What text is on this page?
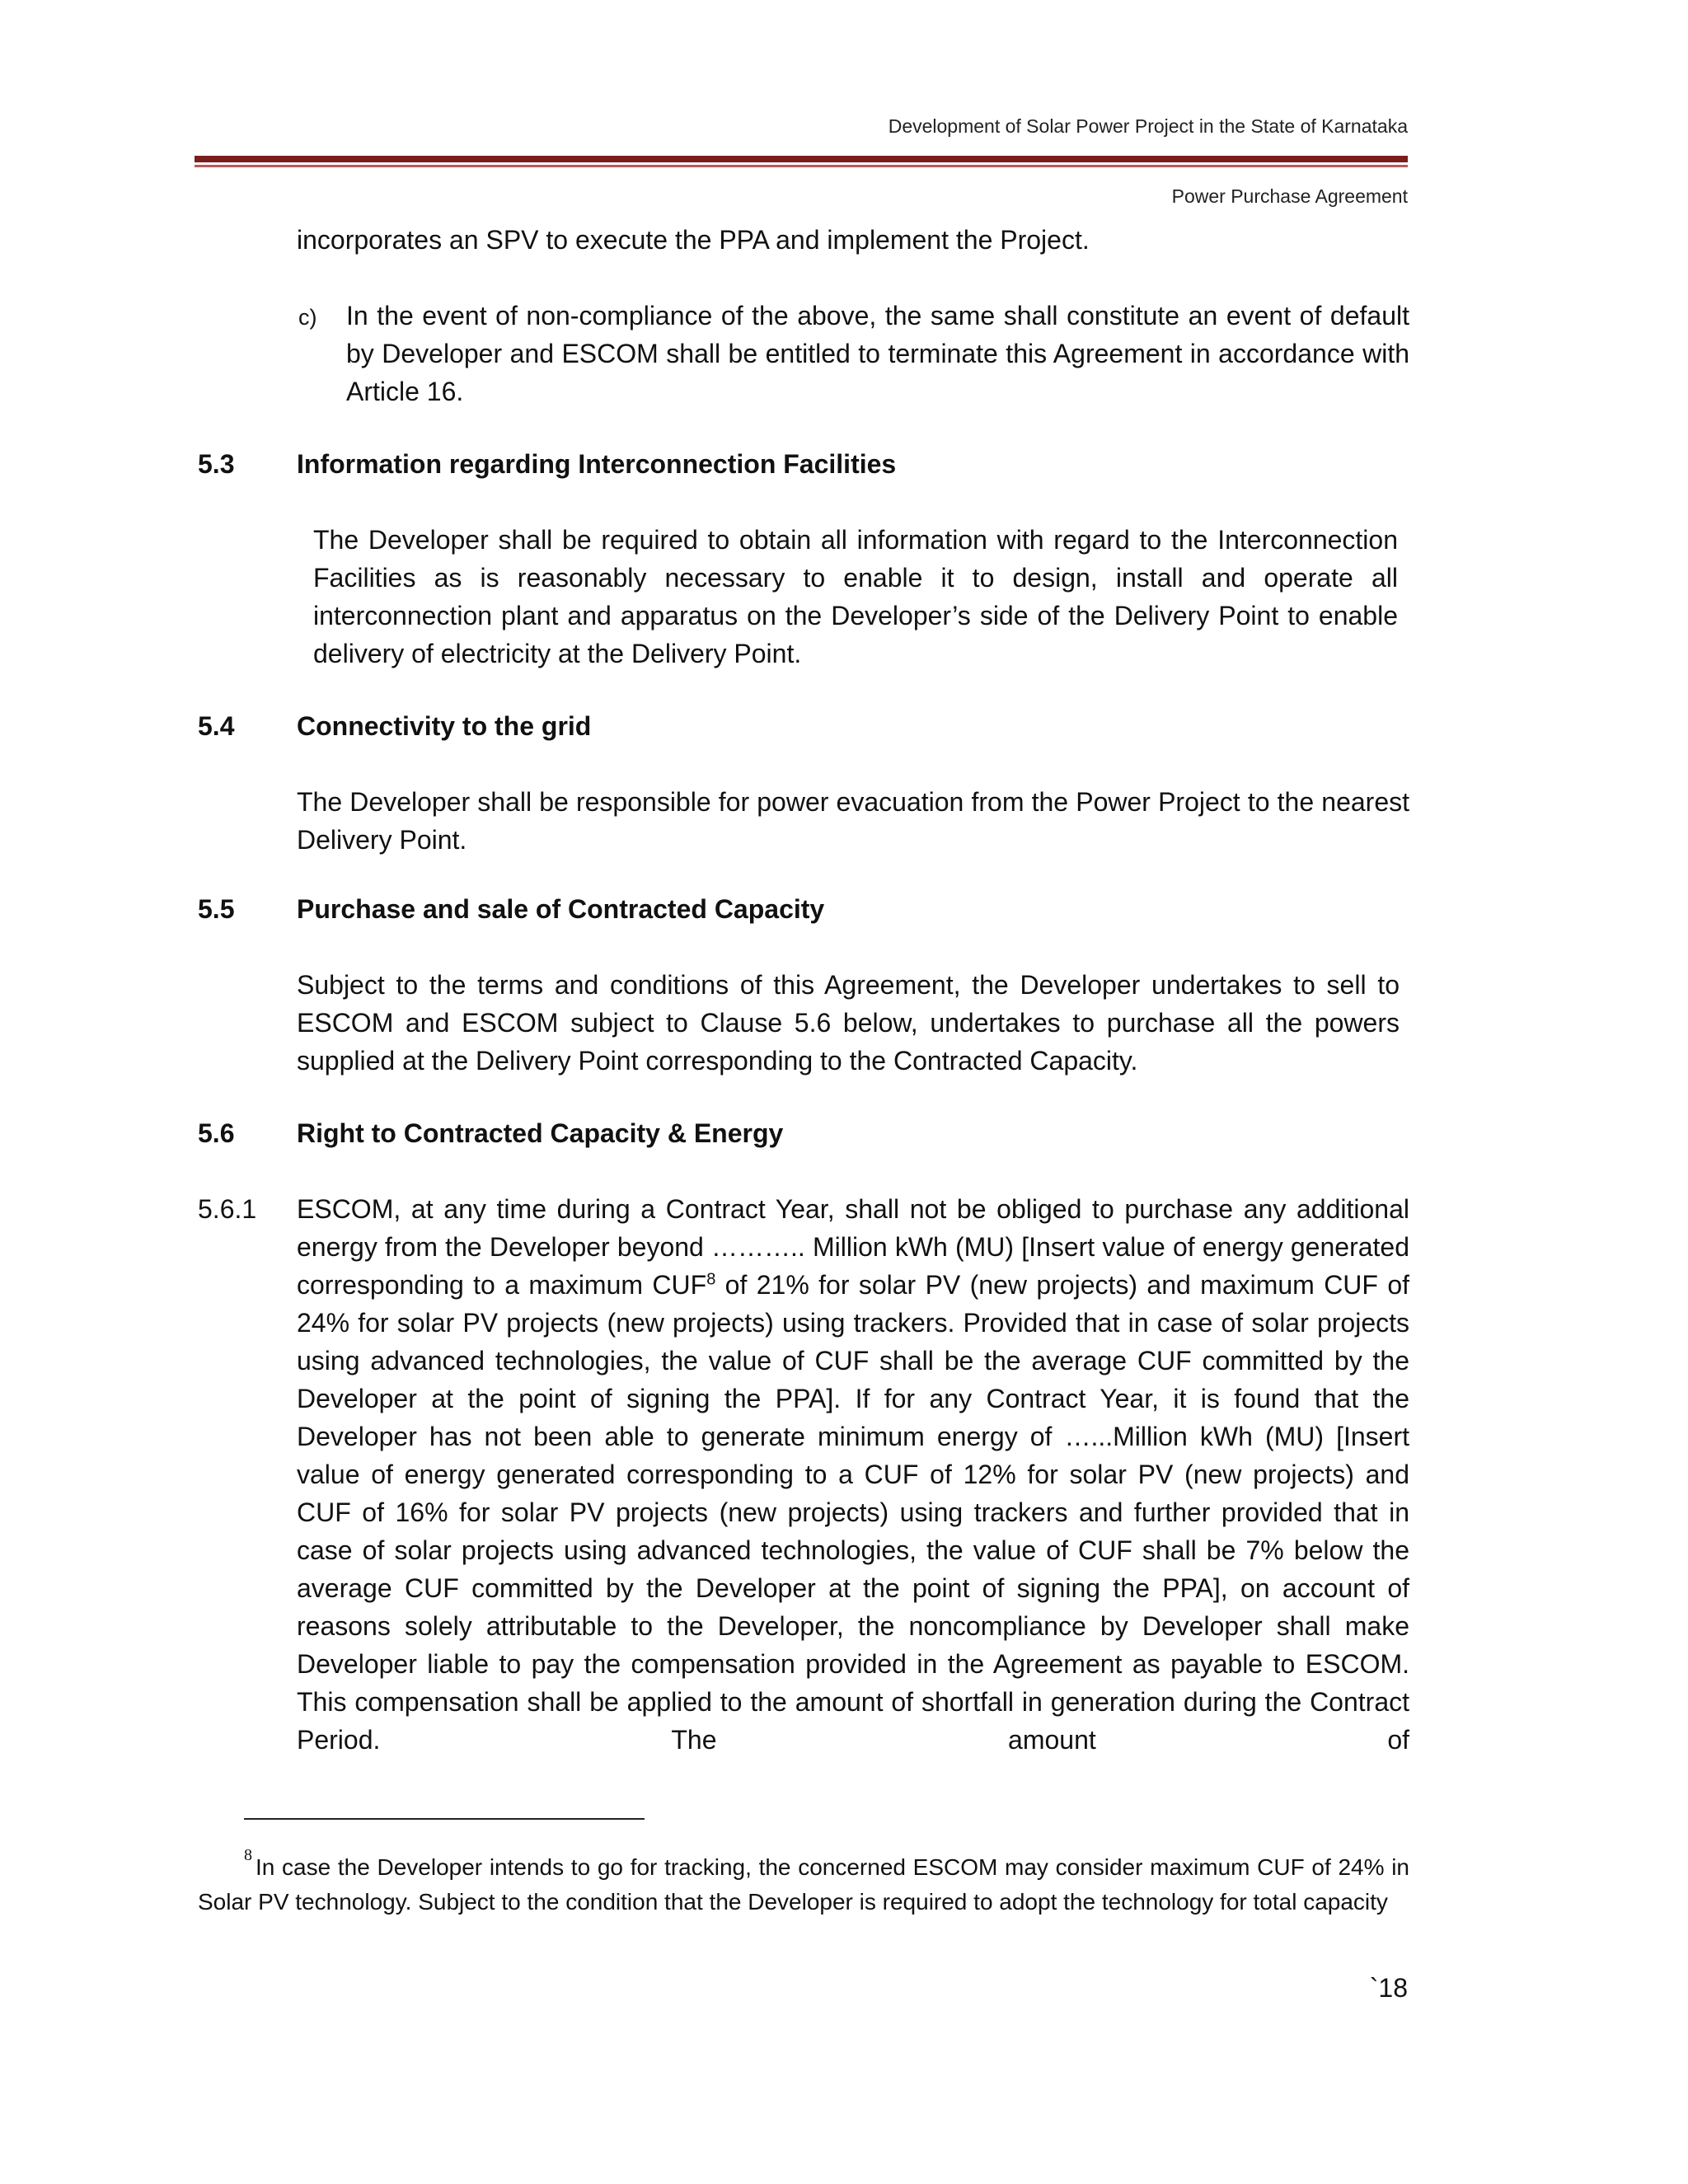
Development of Solar Power Project in the State of Karnataka
Power Purchase Agreement
incorporates an SPV to execute the PPA and implement the Project.
c) In the event of non-compliance of the above, the same shall constitute an event of default by Developer and ESCOM shall be entitled to terminate this Agreement in accordance with Article 16.
5.3 Information regarding Interconnection Facilities
The Developer shall be required to obtain all information with regard to the Interconnection Facilities as is reasonably necessary to enable it to design, install and operate all interconnection plant and apparatus on the Developer’s side of the Delivery Point to enable delivery of electricity at the Delivery Point.
5.4 Connectivity to the grid
The Developer shall be responsible for power evacuation from the Power Project to the nearest Delivery Point.
5.5 Purchase and sale of Contracted Capacity
Subject to the terms and conditions of this Agreement, the Developer undertakes to sell to ESCOM and ESCOM subject to Clause 5.6 below, undertakes to purchase all the powers supplied at the Delivery Point corresponding to the Contracted Capacity.
5.6 Right to Contracted Capacity & Energy
5.6.1 ESCOM, at any time during a Contract Year, shall not be obliged to purchase any additional energy from the Developer beyond ……….. Million kWh (MU) [Insert value of energy generated corresponding to a maximum CUF$^8$ of 21% for solar PV (new projects) and maximum CUF of 24% for solar PV projects (new projects) using trackers. Provided that in case of solar projects using advanced technologies, the value of CUF shall be the average CUF committed by the Developer at the point of signing the PPA]. If for any Contract Year, it is found that the Developer has not been able to generate minimum energy of …...Million kWh (MU) [Insert value of energy generated corresponding to a CUF of 12% for solar PV (new projects) and CUF of 16% for solar PV projects (new projects) using trackers and further provided that in case of solar projects using advanced technologies, the value of CUF shall be 7% below the average CUF committed by the Developer at the point of signing the PPA], on account of reasons solely attributable to the Developer, the noncompliance by Developer shall make Developer liable to pay the compensation provided in the Agreement as payable to ESCOM. This compensation shall be applied to the amount of shortfall in generation during the Contract Period. The amount of
$^8$ In case the Developer intends to go for tracking, the concerned ESCOM may consider maximum CUF of 24% in Solar PV technology. Subject to the condition that the Developer is required to adopt the technology for total capacity
`18
